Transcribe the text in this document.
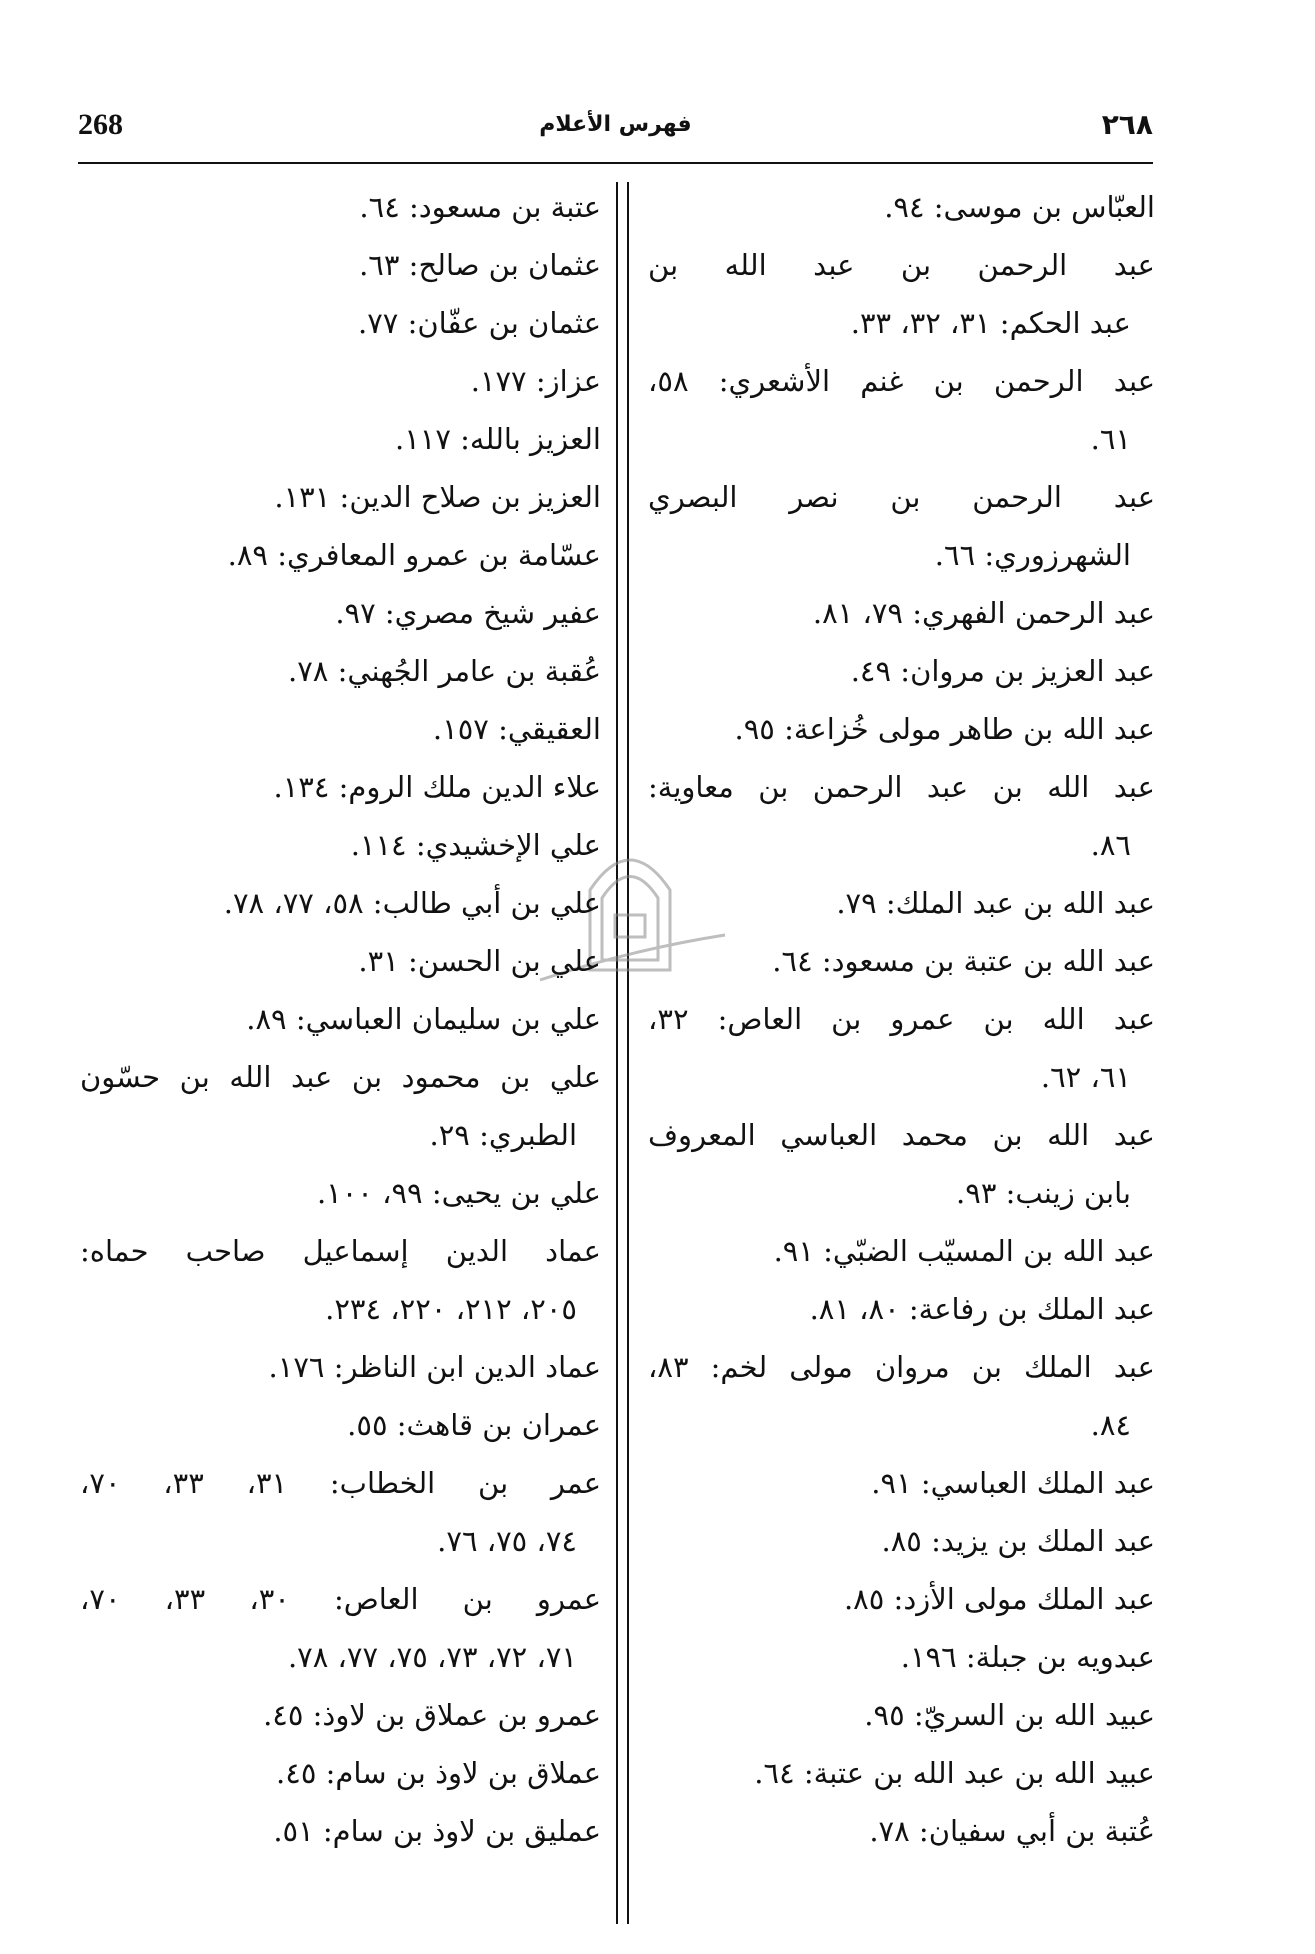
268	فهرس الأعلام	٢٦٨

العبّاس بن موسى: ٩٤.

عبد الرحمن بن عبد الله بن
عبد الحكم: ٣١، ٣٢، ٣٣.

عبد الرحمن بن غنم الأشعري: ٥٨،
٦١.

عبد الرحمن بن نصر البصري
الشهرزوري: ٦٦.

عبد الرحمن الفهري: ٧٩، ٨١.

عبد العزيز بن مروان: ٤٩.

عبد الله بن طاهر مولى خُزاعة: ٩٥.

عبد الله بن عبد الرحمن بن معاوية:
٨٦.

عبد الله بن عبد الملك: ٧٩.

عبد الله بن عتبة بن مسعود: ٦٤.

عبد الله بن عمرو بن العاص: ٣٢،
٦١، ٦٢.

عبد الله بن محمد العباسي المعروف
بابن زينب: ٩٣.

عبد الله بن المسيّب الضبّي: ٩١.

عبد الملك بن رفاعة: ٨٠، ٨١.

عبد الملك بن مروان مولى لخم: ٨٣،
٨٤.

عبد الملك العباسي: ٩١.

عبد الملك بن يزيد: ٨٥.

عبد الملك مولى الأزد: ٨٥.

عبدويه بن جبلة: ١٩٦.

عبيد الله بن السريّ: ٩٥.

عبيد الله بن عبد الله بن عتبة: ٦٤.

عُتبة بن أبي سفيان: ٧٨.

عتبة بن مسعود: ٦٤.

عثمان بن صالح: ٦٣.

عثمان بن عفّان: ٧٧.

عزاز: ١٧٧.

العزيز بالله: ١١٧.

العزيز بن صلاح الدين: ١٣١.

عسّامة بن عمرو المعافري: ٨٩.

عفير شيخ مصري: ٩٧.

عُقبة بن عامر الجُهني: ٧٨.

العقيقي: ١٥٧.

علاء الدين ملك الروم: ١٣٤.

علي الإخشيدي: ١١٤.

علي بن أبي طالب: ٥٨، ٧٧، ٧٨.

علي بن الحسن: ٣١.

علي بن سليمان العباسي: ٨٩.

علي بن محمود بن عبد الله بن حسّون
الطبري: ٢٩.

علي بن يحيى: ٩٩، ١٠٠.

عماد الدين إسماعيل صاحب حماه:
٢٠٥، ٢١٢، ٢٢٠، ٢٣٤.

عماد الدين ابن الناظر: ١٧٦.

عمران بن قاهث: ٥٥.

عمر بن الخطاب: ٣١، ٣٣، ٧٠،
٧٤، ٧٥، ٧٦.

عمرو بن العاص: ٣٠، ٣٣، ٧٠،
٧١، ٧٢، ٧٣، ٧٥، ٧٧، ٧٨.

عمرو بن عملاق بن لاوذ: ٤٥.

عملاق بن لاوذ بن سام: ٤٥.

عمليق بن لاوذ بن سام: ٥١.
